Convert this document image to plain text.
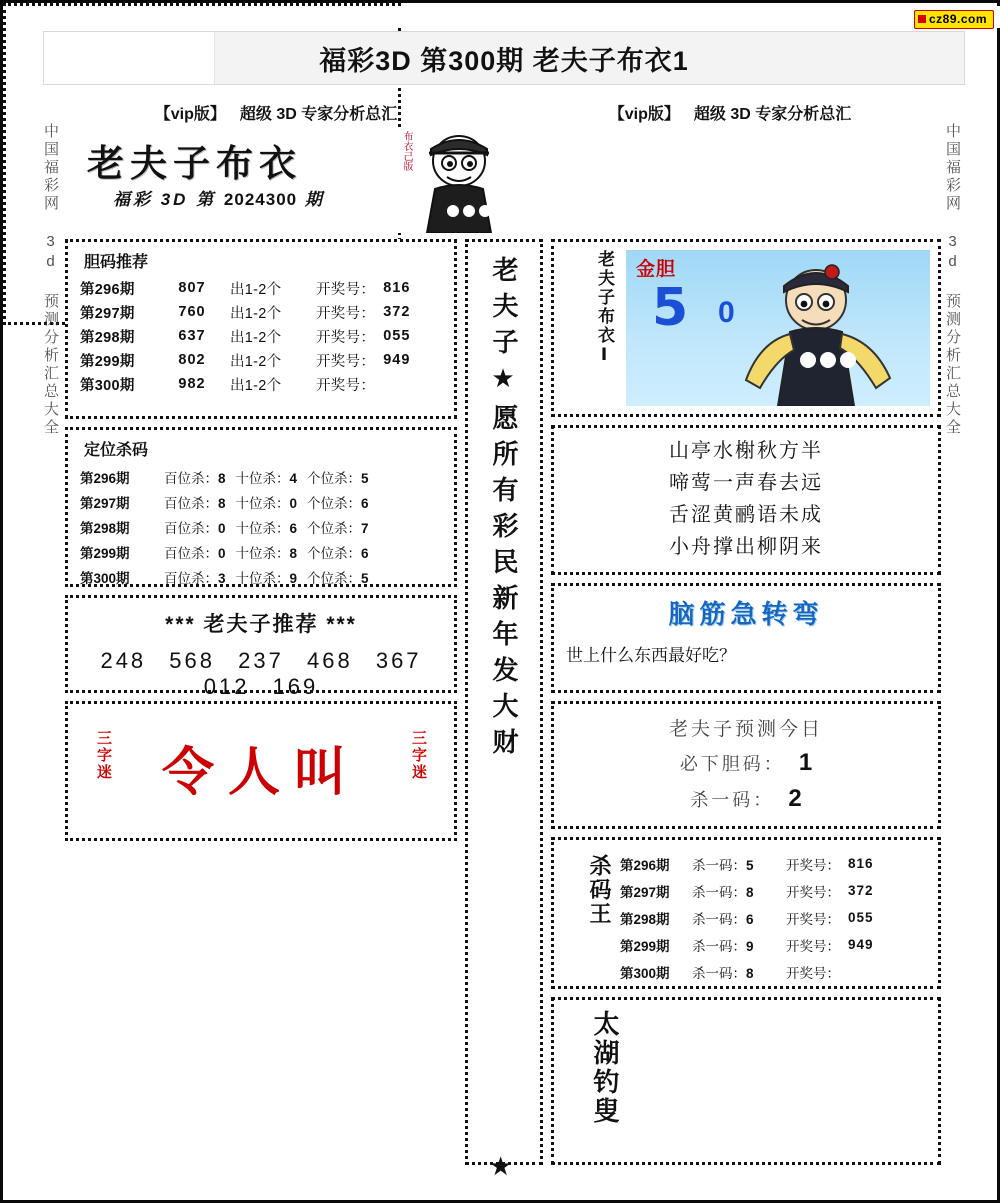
cz89.com
福彩3D 第300期 老夫子布衣1
【vip版】 超级 3D 专家分析总汇	【vip版】 超级 3D 专家分析总汇
中国福彩网 3d 预测分析汇总大全	中国福彩网 3d 预测分析汇总大全
老夫子布衣
福彩 3D 第 2024300 期
布衣己版
胆码推荐
第296期	807	出1-2个	开奖号： 816
第297期	760	出1-2个	开奖号： 372
第298期	637	出1-2个	开奖号： 055
第299期	802	出1-2个	开奖号： 949
第300期	982	出1-2个	开奖号：
定位杀码
第296期	百位杀：8 十位杀：4 个位杀：5
第297期	百位杀：8 十位杀：0 个位杀：6
第298期	百位杀：0 十位杀：6 个位杀：7
第299期	百位杀：0 十位杀：8 个位杀：6
第300期	百位杀：3 十位杀：9 个位杀：5
*** 老夫子推荐 ***
248 568 237 468 367 012 169
三字迷 令人叫	三字迷	老夫子★愿所有彩民新年发大财	老夫子布衣Ⅰ 金胆
5 0
山亭水榭秋方半
啼莺一声春去远
舌涩黄鹂语未成
小舟撑出柳阴来
脑筋急转弯
世上什么东西最好吃？
老夫子预测今日
必下胆码： 1
杀一码： 2
杀码王 第296期	杀一码：5	开奖号： 816
第297期	杀一码：8	开奖号： 372
第298期	杀一码：6	开奖号： 055
第299期	杀一码：9	开奖号： 949
第300期	杀一码：8	开奖号：
太湖钓叟
★
